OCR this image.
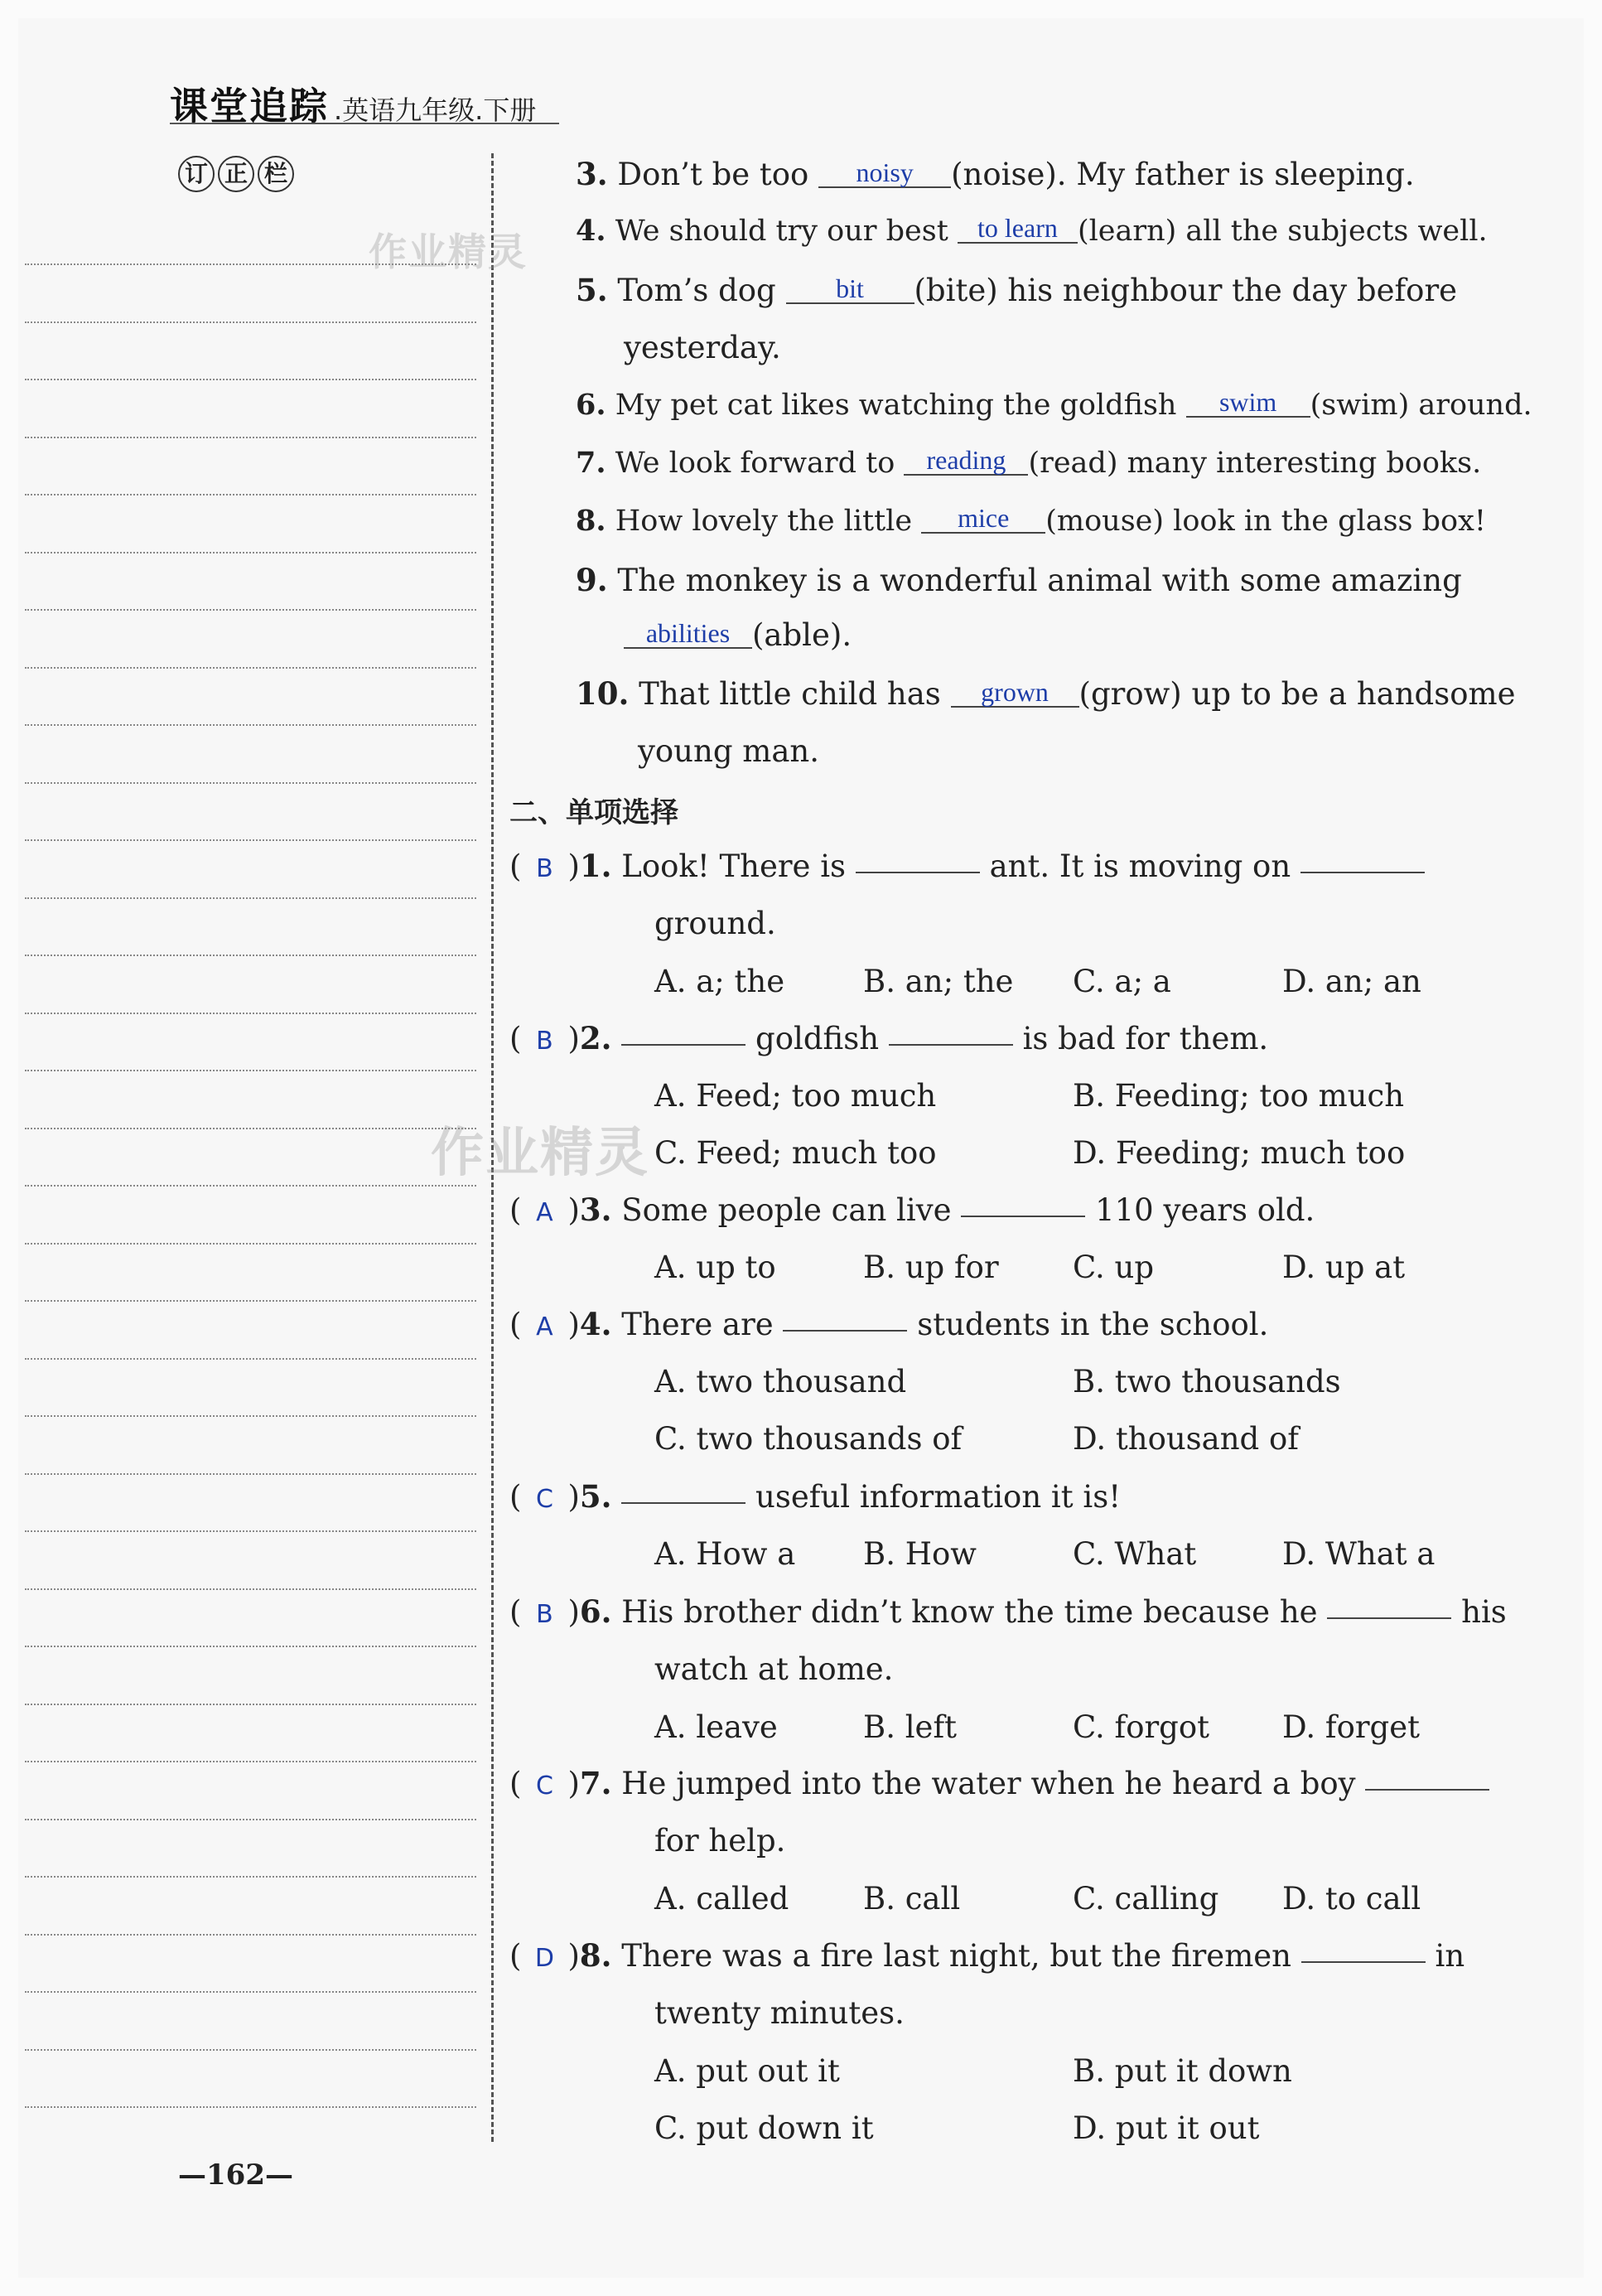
课堂追踪 .英语九年级.下册
订 正 栏
作业精灵
作业精灵
3. Don’t be too noisy (noise). My father is sleeping.
4. We should try our best to learn (learn) all the subjects well.
5. Tom’s dog bit (bite) his neighbour the day before
yesterday.
6. My pet cat likes watching the goldfish swim (swim) around.
7. We look forward to reading (read) many interesting books.
8. How lovely the little mice (mouse) look in the glass box!
9. The monkey is a wonderful animal with some amazing
abilities (able).
10. That little child has grown (grow) up to be a handsome
young man.
二、单项选择
( B )1. Look! There is	ant. It is moving on
ground.
A. a; the	B. an; the C. a; a	D. an; an
( B )2.	goldfish	is bad for them.
A. Feed; too much	B. Feeding; too much
C. Feed; much too	D. Feeding; much too
( A )3. Some people can live	110 years old.
A. up to	B. up for C. up	D. up at
( A )4. There are	students in the school.
A. two thousand	B. two thousands
C. two thousands of	D. thousand of
( C )5.	useful information it is!
A. How a B. How	C. What	D. What a
( B )6. His brother didn’t know the time because he	his
watch at home.
A. leave	B. left	C. forgot D. forget
( C )7. He jumped into the water when he heard a boy
for help.
A. called B. call	C. calling D. to call
( D )8. There was a fire last night, but the firemen	in
twenty minutes.
A. put out it	B. put it down
C. put down it	D. put it out
—162—
